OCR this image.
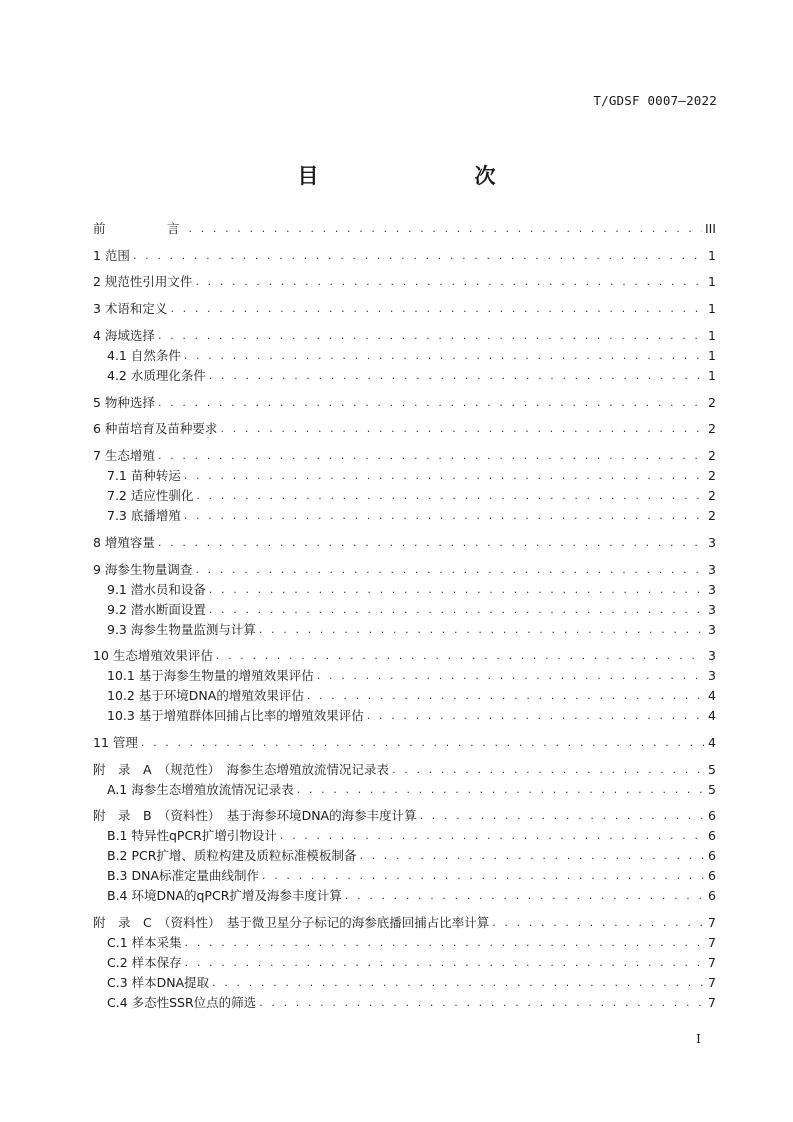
T/GDSF 0007—2022
目　　次
前　　　言 . . .	III
1 范围 . . .	1
2 规范性引用文件 . . .	1
3 术语和定义 . . .	1
4 海域选择 . . .	1
4.1 自然条件 . . .	1
4.2 水质理化条件 . . .	1
5 物种选择 . . .	2
6 种苗培育及苗种要求 . . .	2
7 生态增殖 . . .	2
7.1 苗种转运 . . .	2
7.2 适应性驯化 . . .	2
7.3 底播增殖 . . .	2
8 增殖容量 . . .	3
9 海参生物量调查 . . .	3
9.1 潜水员和设备 . . .	3
9.2 潜水断面设置 . . .	3
9.3 海参生物量监测与计算 . . .	3
10 生态增殖效果评估 . . .	3
10.1 基于海参生物量的增殖效果评估 . . .	3
10.2 基于环境DNA的增殖效果评估 . . .	4
10.3 基于增殖群体回捕占比率的增殖效果评估 . . .	4
11 管理 . . .	4
附　录　A　（规范性）　海参生态增殖放流情况记录表 . . .	5
A.1 海参生态增殖放流情况记录表 . . .	5
附　录　B　（资料性）　基于海参环境DNA的海参丰度计算 . . .	6
B.1 特异性qPCR扩增引物设计 . . .	6
B.2 PCR扩增、质粒构建及质粒标准模板制备 . . .	6
B.3 DNA标准定量曲线制作 . . .	6
B.4 环境DNA的qPCR扩增及海参丰度计算 . . .	6
附　录　C　（资料性）　基于微卫星分子标记的海参底播回捕占比率计算 . . .	7
C.1 样本采集 . . .	7
C.2 样本保存 . . .	7
C.3 样本DNA提取 . . .	7
C.4 多态性SSR位点的筛选 . . .	7
I
